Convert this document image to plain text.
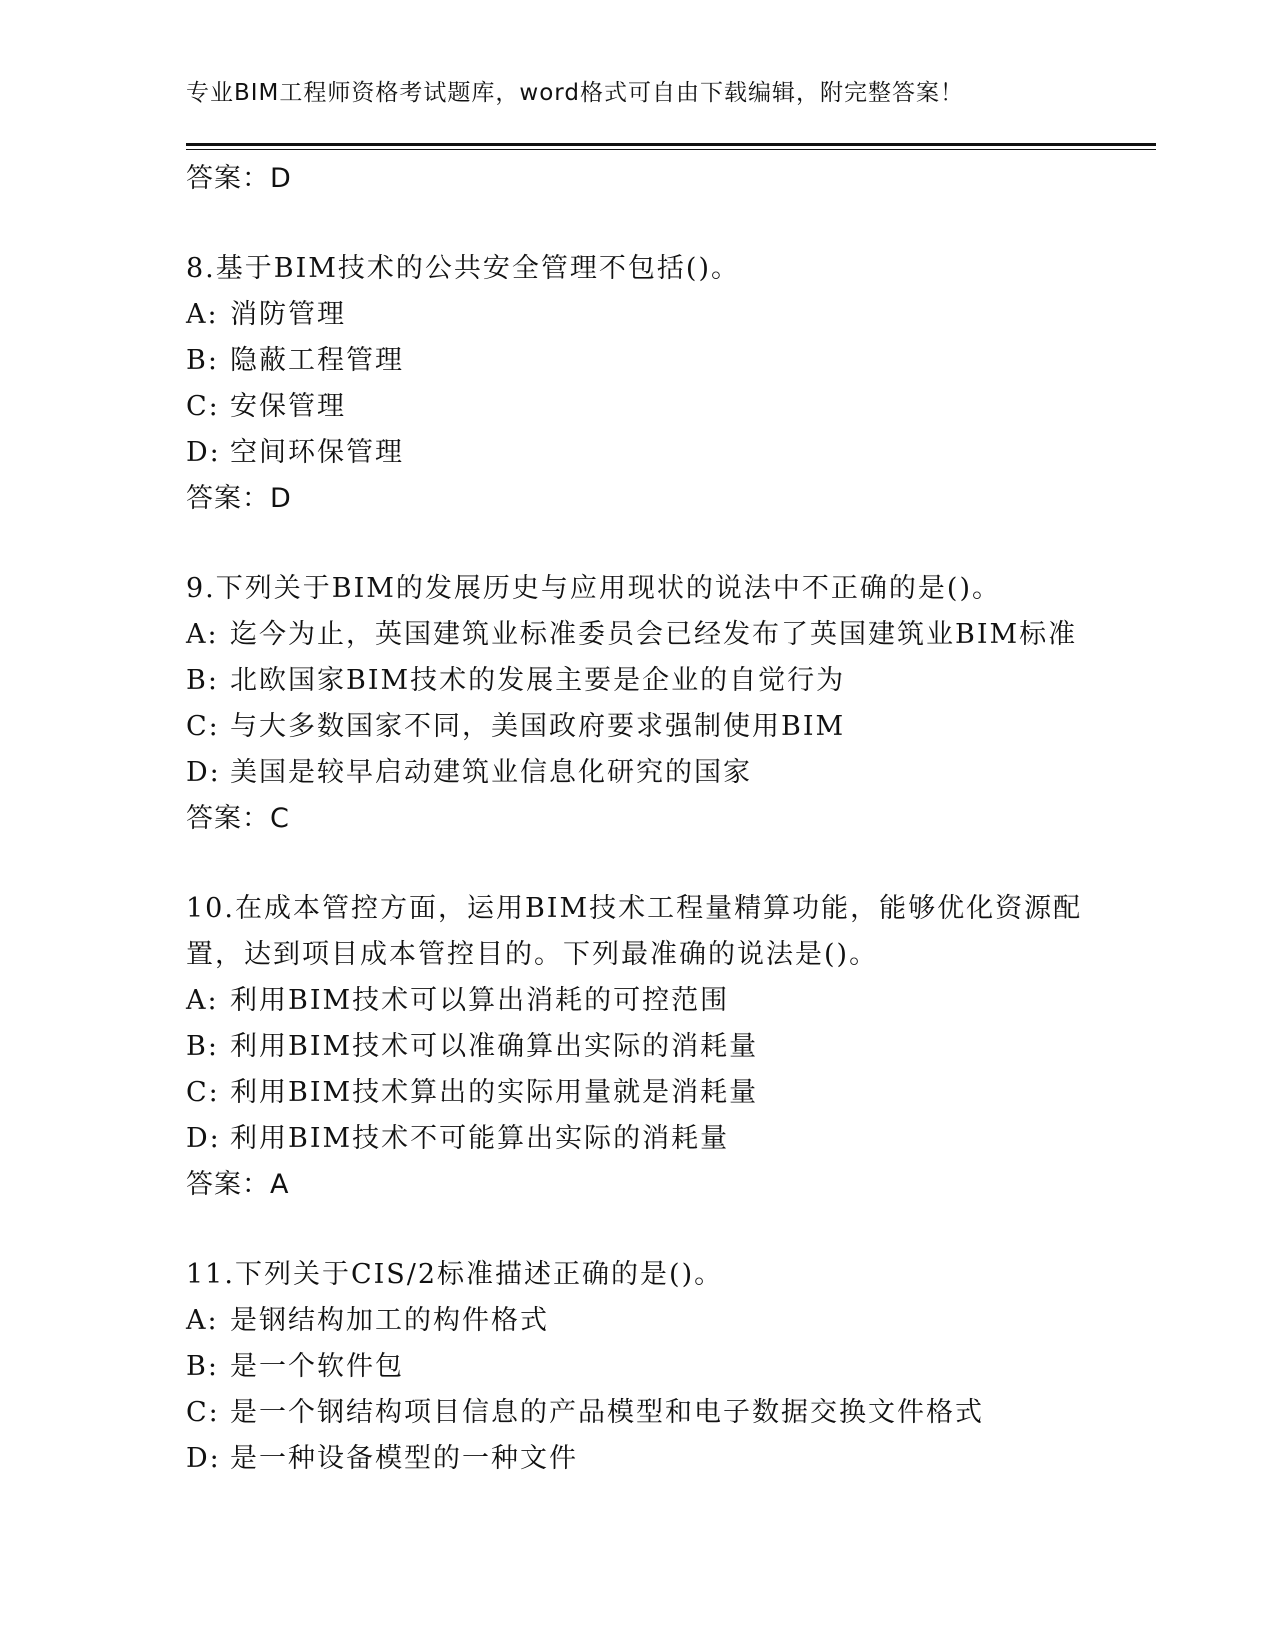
专业BIM工程师资格考试题库，word格式可自由下载编辑，附完整答案！
答案：D
8.基于BIM技术的公共安全管理不包括()。
A: 消防管理
B: 隐蔽工程管理
C: 安保管理
D: 空间环保管理
答案：D
9.下列关于BIM的发展历史与应用现状的说法中不正确的是()。
A: 迄今为止，英国建筑业标准委员会已经发布了英国建筑业BIM标准
B: 北欧国家BIM技术的发展主要是企业的自觉行为
C: 与大多数国家不同，美国政府要求强制使用BIM
D: 美国是较早启动建筑业信息化研究的国家
答案：C
10.在成本管控方面，运用BIM技术工程量精算功能，能够优化资源配
置，达到项目成本管控目的。下列最准确的说法是()。
A: 利用BIM技术可以算出消耗的可控范围
B: 利用BIM技术可以准确算出实际的消耗量
C: 利用BIM技术算出的实际用量就是消耗量
D: 利用BIM技术不可能算出实际的消耗量
答案：A
11.下列关于CIS/2标准描述正确的是()。
A: 是钢结构加工的构件格式
B: 是一个软件包
C: 是一个钢结构项目信息的产品模型和电子数据交换文件格式
D: 是一种设备模型的一种文件
